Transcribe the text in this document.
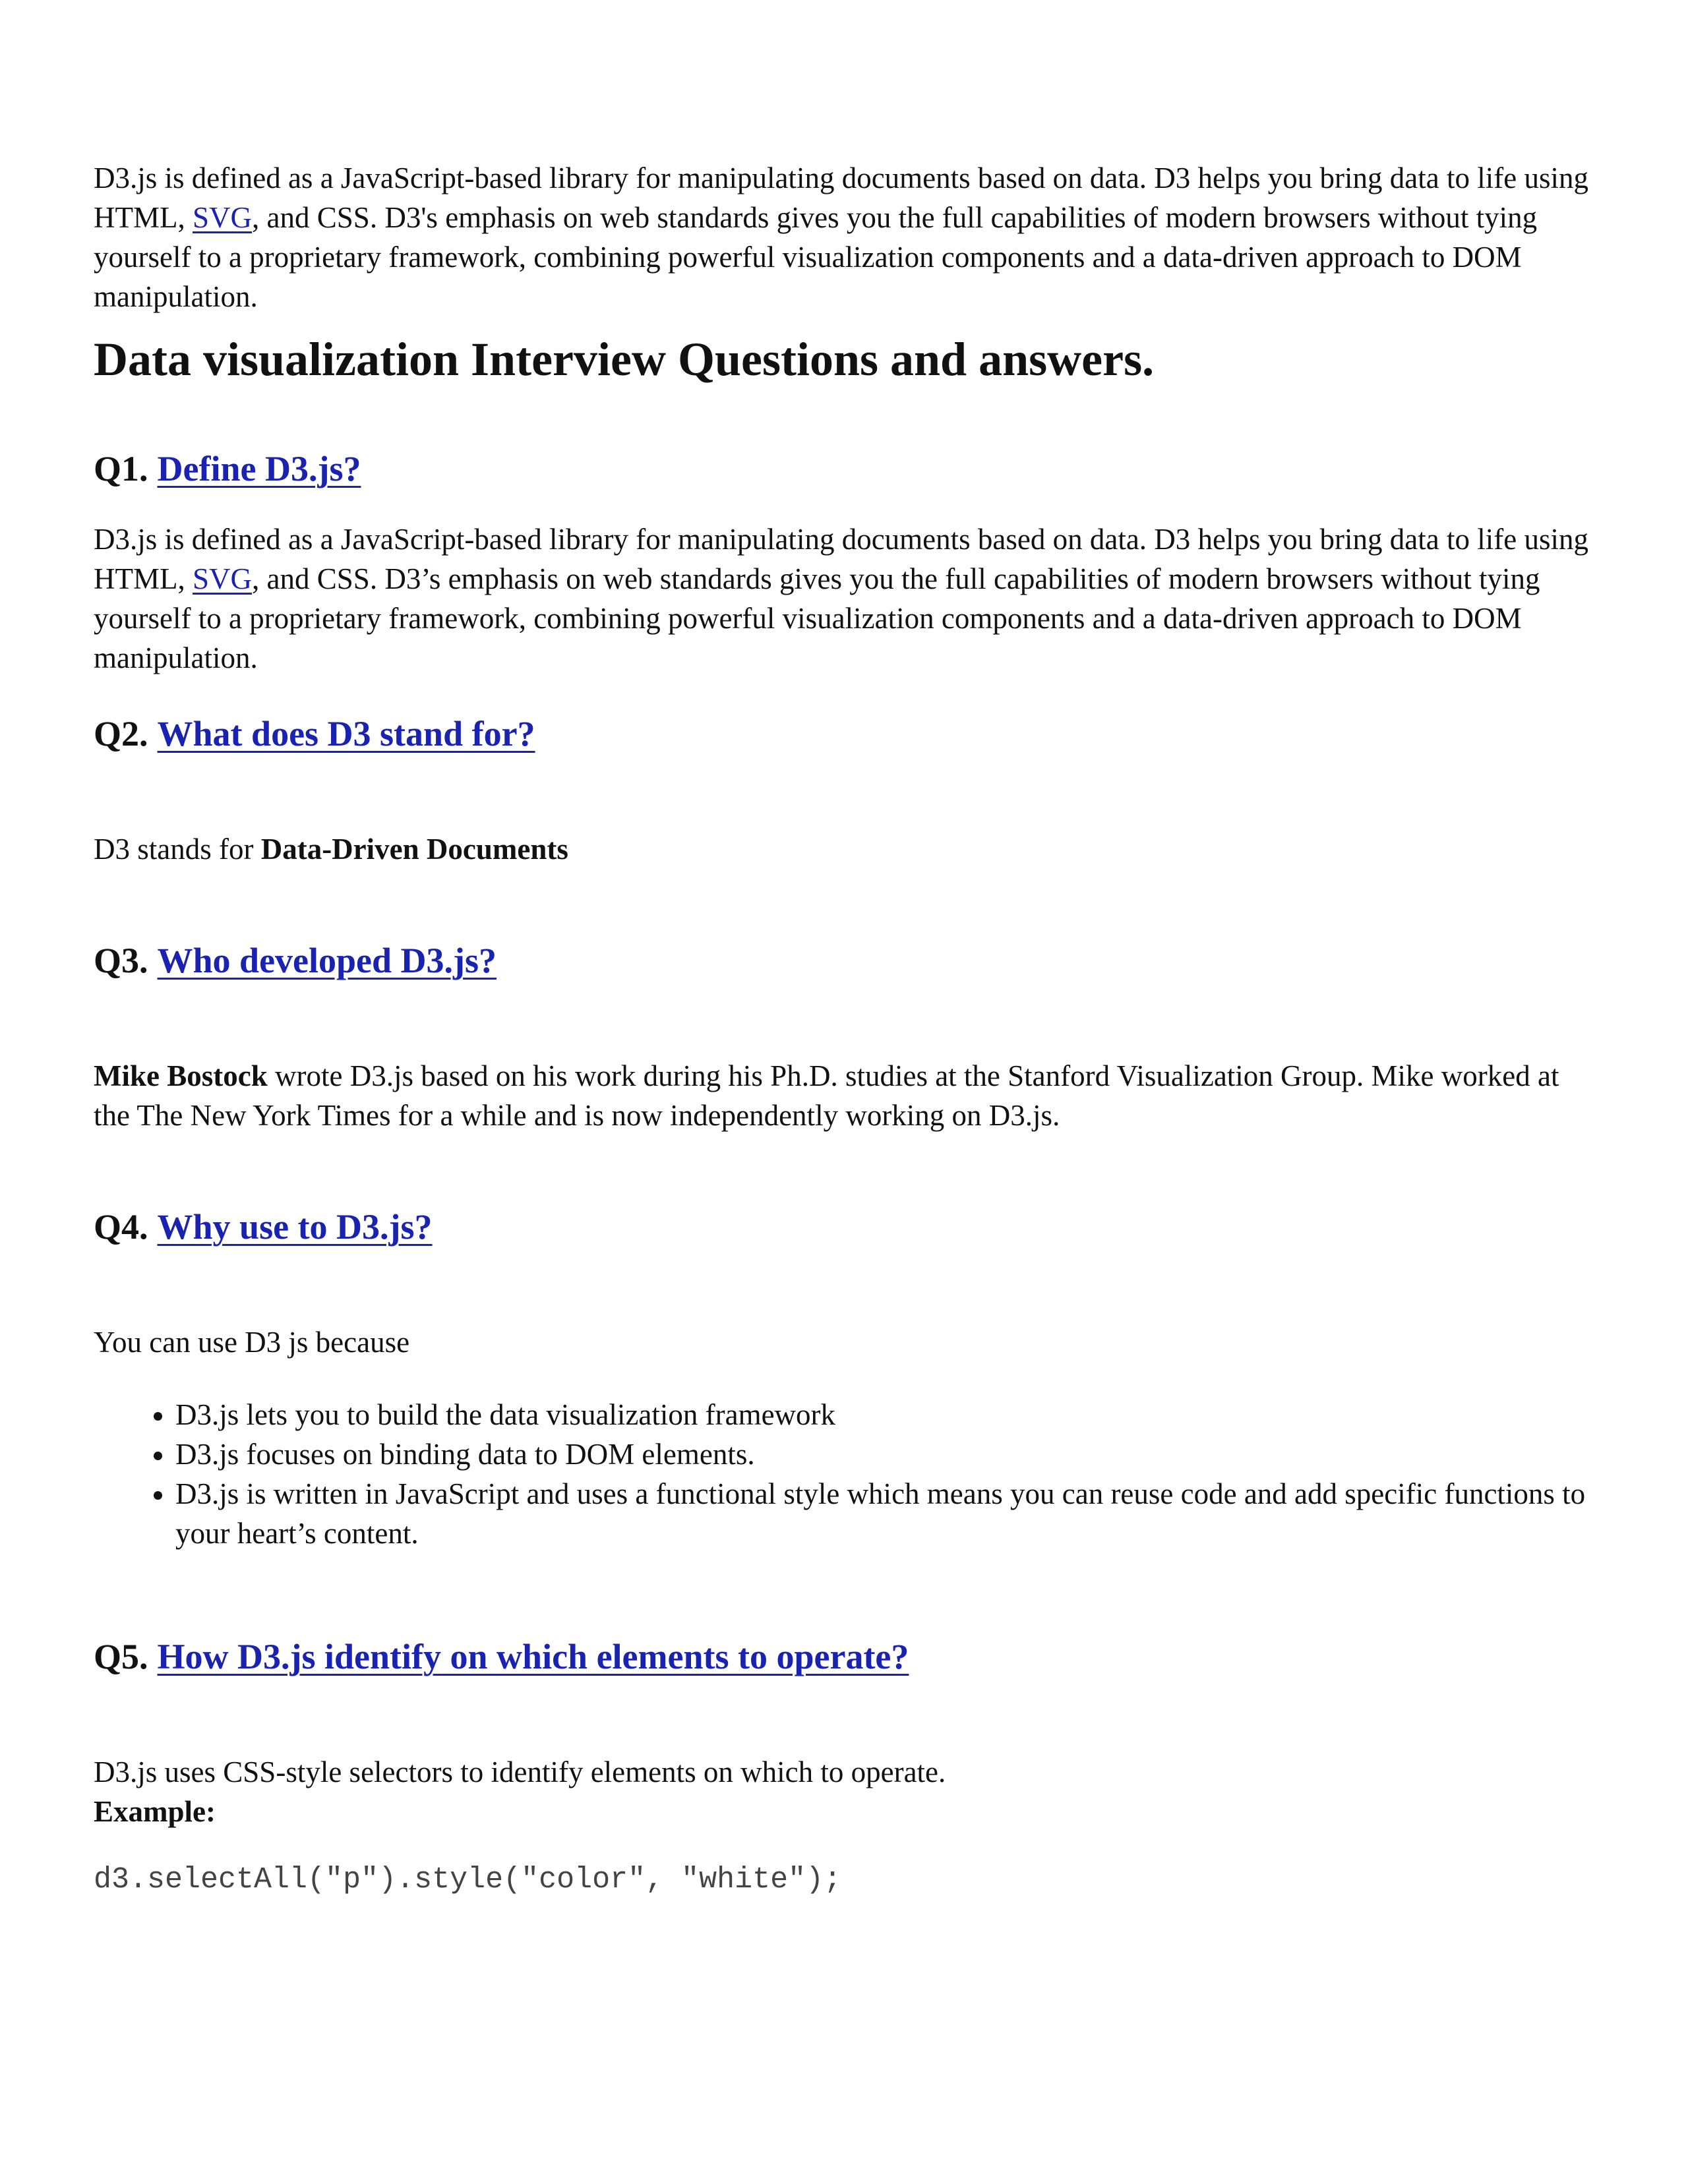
D3.js is defined as a JavaScript-based library for manipulating documents based on data. D3 helps you bring data to life using HTML, SVG, and CSS. D3's emphasis on web standards gives you the full capabilities of modern browsers without tying yourself to a proprietary framework, combining powerful visualization components and a data-driven approach to DOM manipulation.

Data visualization Interview Questions and answers.
Q1. Define D3.js?

D3.js is defined as a JavaScript-based library for manipulating documents based on data. D3 helps you bring data to life using HTML, SVG, and CSS. D3’s emphasis on web standards gives you the full capabilities of modern browsers without tying yourself to a proprietary framework, combining powerful visualization components and a data-driven approach to DOM manipulation.

Q2. What does D3 stand for?

D3 stands for Data-Driven Documents

Q3. Who developed D3.js?

Mike Bostock wrote D3.js based on his work during his Ph.D. studies at the Stanford Visualization Group. Mike worked at the The New York Times for a while and is now independently working on D3.js.

Q4. Why use to D3.js?

You can use D3 js because

• D3.js lets you to build the data visualization framework
• D3.js focuses on binding data to DOM elements.
• D3.js is written in JavaScript and uses a functional style which means you can reuse code and add specific functions to your heart’s content.
Q5. How D3.js identify on which elements to operate?

D3.js uses CSS-style selectors to identify elements on which to operate.

Example:

d3.selectAll("p").style("color", "white");
